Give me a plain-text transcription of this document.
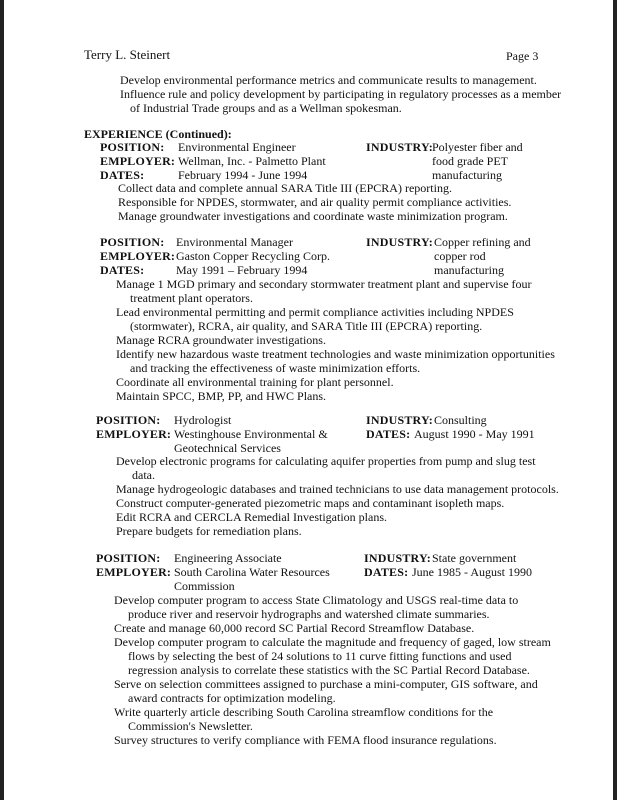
Terry L. Steinert	Page 3
Develop environmental performance metrics and communicate results to management.
Influence rule and policy development by participating in regulatory processes as a member
of Industrial Trade groups and as a Wellman spokesman.
EXPERIENCE (Continued):
POSITION: Environmental Engineer	INDUSTRY: Polyester fiber and
EMPLOYER: Wellman, Inc. - Palmetto Plant	food grade PET
DATES:	February 1994 - June 1994	manufacturing
Collect data and complete annual SARA Title III (EPCRA) reporting.
Responsible for NPDES, stormwater, and air quality permit compliance activities.
Manage groundwater investigations and coordinate waste minimization program.
POSITION: Environmental Manager	INDUSTRY: Copper refining and
EMPLOYER: Gaston Copper Recycling Corp.	copper rod
DATES:	May 1991 – February 1994	manufacturing
Manage 1 MGD primary and secondary stormwater treatment plant and supervise four
treatment plant operators.
Lead environmental permitting and permit compliance activities including NPDES
(stormwater), RCRA, air quality, and SARA Title III (EPCRA) reporting.
Manage RCRA groundwater investigations.
Identify new hazardous waste treatment technologies and waste minimization opportunities
and tracking the effectiveness of waste minimization efforts.
Coordinate all environmental training for plant personnel.
Maintain SPCC, BMP, PP, and HWC Plans.
POSITION: Hydrologist	INDUSTRY: Consulting
EMPLOYER: Westinghouse Environmental &	DATES: August 1990 - May 1991
Geotechnical Services
Develop electronic programs for calculating aquifer properties from pump and slug test
data.
Manage hydrogeologic databases and trained technicians to use data management protocols.
Construct computer-generated piezometric maps and contaminant isopleth maps.
Edit RCRA and CERCLA Remedial Investigation plans.
Prepare budgets for remediation plans.
POSITION: Engineering Associate	INDUSTRY: State government
EMPLOYER: South Carolina Water Resources	DATES: June 1985 - August 1990
Commission
Develop computer program to access State Climatology and USGS real-time data to
produce river and reservoir hydrographs and watershed climate summaries.
Create and manage 60,000 record SC Partial Record Streamflow Database.
Develop computer program to calculate the magnitude and frequency of gaged, low stream
flows by selecting the best of 24 solutions to 11 curve fitting functions and used
regression analysis to correlate these statistics with the SC Partial Record Database.
Serve on selection committees assigned to purchase a mini-computer, GIS software, and
award contracts for optimization modeling.
Write quarterly article describing South Carolina streamflow conditions for the
Commission's Newsletter.
Survey structures to verify compliance with FEMA flood insurance regulations.
